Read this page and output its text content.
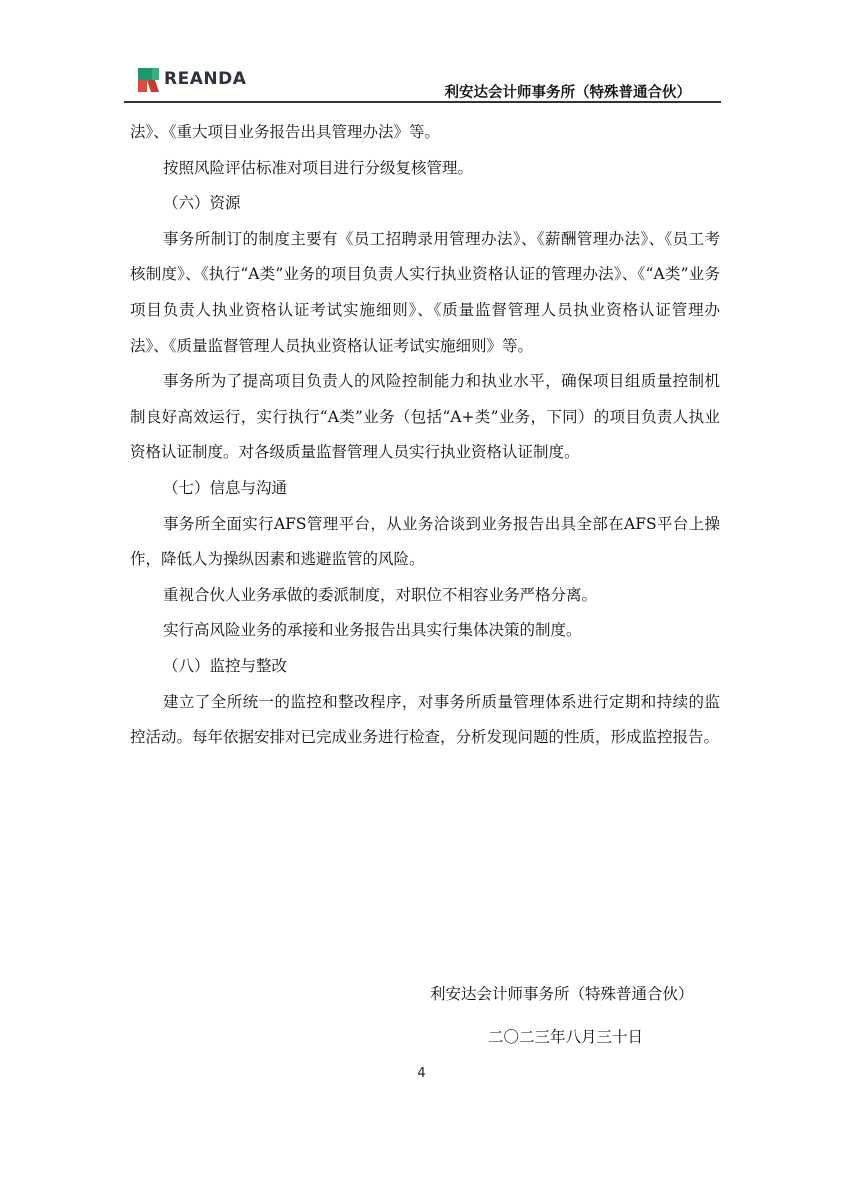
REANDA
利安达会计师事务所（特殊普通合伙）

法》、《重大项目业务报告出具管理办法》等。

按照风险评估标准对项目进行分级复核管理。

（六）资源

事务所制订的制度主要有《员工招聘录用管理办法》、《薪酬管理办法》、《员工考核制度》、《执行“A类”业务的项目负责人实行执业资格认证的管理办法》、《“A类”业务项目负责人执业资格认证考试实施细则》、《质量监督管理人员执业资格认证管理办法》、《质量监督管理人员执业资格认证考试实施细则》等。

事务所为了提高项目负责人的风险控制能力和执业水平，确保项目组质量控制机制良好高效运行，实行执行“A类”业务（包括“A+类”业务，下同）的项目负责人执业资格认证制度。对各级质量监督管理人员实行执业资格认证制度。

（七）信息与沟通

事务所全面实行AFS管理平台，从业务洽谈到业务报告出具全部在AFS平台上操作，降低人为操纵因素和逃避监管的风险。

重视合伙人业务承做的委派制度，对职位不相容业务严格分离。

实行高风险业务的承接和业务报告出具实行集体决策的制度。

（八）监控与整改

建立了全所统一的监控和整改程序，对事务所质量管理体系进行定期和持续的监控活动。每年依据安排对已完成业务进行检查，分析发现问题的性质，形成监控报告。

利安达会计师事务所（特殊普通合伙）
二〇二三年八月三十日
4
